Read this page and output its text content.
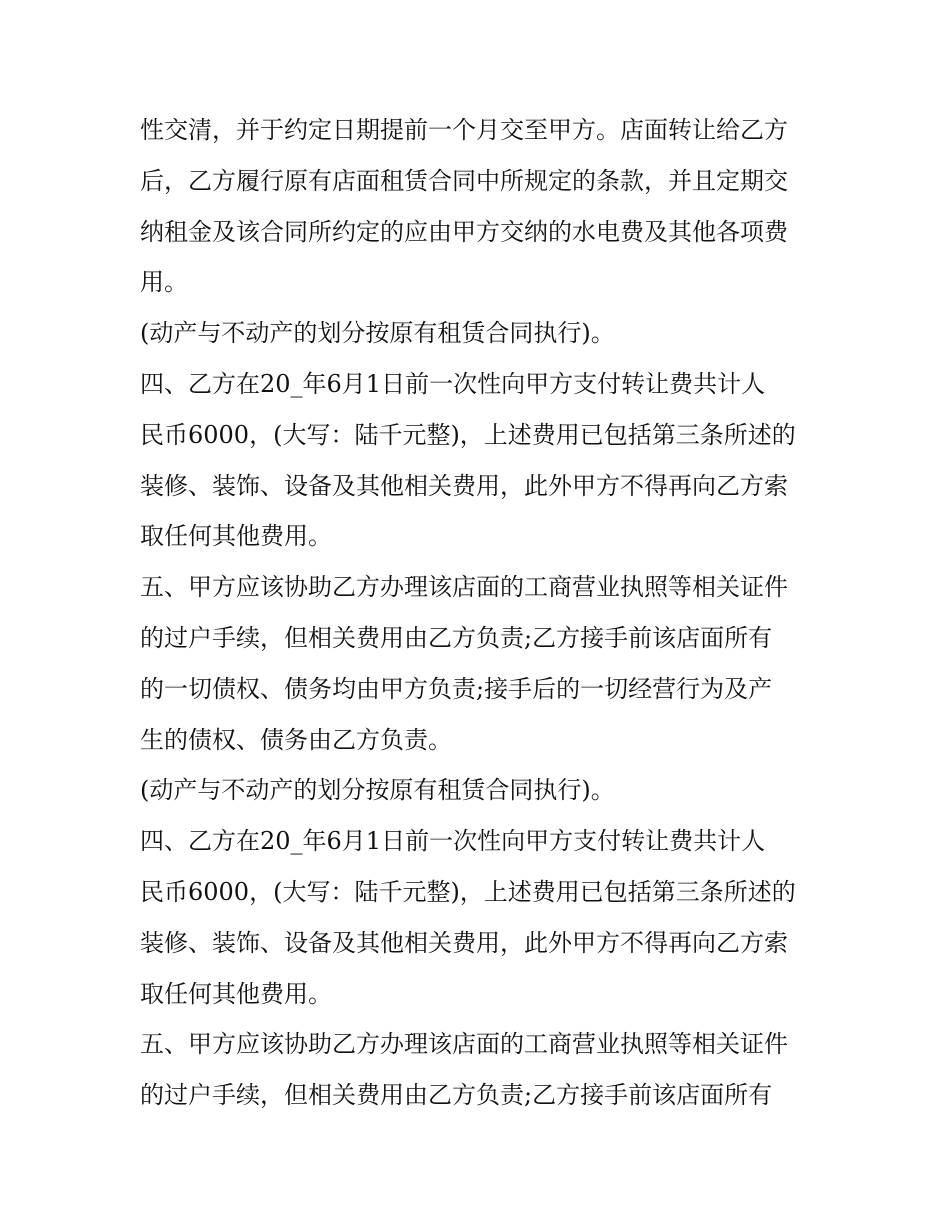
性交清，并于约定日期提前一个月交至甲方。店面转让给乙方
后，乙方履行原有店面租赁合同中所规定的条款，并且定期交
纳租金及该合同所约定的应由甲方交纳的水电费及其他各项费
用。
(动产与不动产的划分按原有租赁合同执行)。
四、乙方在20_年6月1日前一次性向甲方支付转让费共计人
民币6000，(大写：陆千元整)，上述费用已包括第三条所述的
装修、装饰、设备及其他相关费用，此外甲方不得再向乙方索
取任何其他费用。
五、甲方应该协助乙方办理该店面的工商营业执照等相关证件
的过户手续，但相关费用由乙方负责;乙方接手前该店面所有
的一切债权、债务均由甲方负责;接手后的一切经营行为及产
生的债权、债务由乙方负责。
(动产与不动产的划分按原有租赁合同执行)。
四、乙方在20_年6月1日前一次性向甲方支付转让费共计人
民币6000，(大写：陆千元整)，上述费用已包括第三条所述的
装修、装饰、设备及其他相关费用，此外甲方不得再向乙方索
取任何其他费用。
五、甲方应该协助乙方办理该店面的工商营业执照等相关证件
的过户手续，但相关费用由乙方负责;乙方接手前该店面所有
